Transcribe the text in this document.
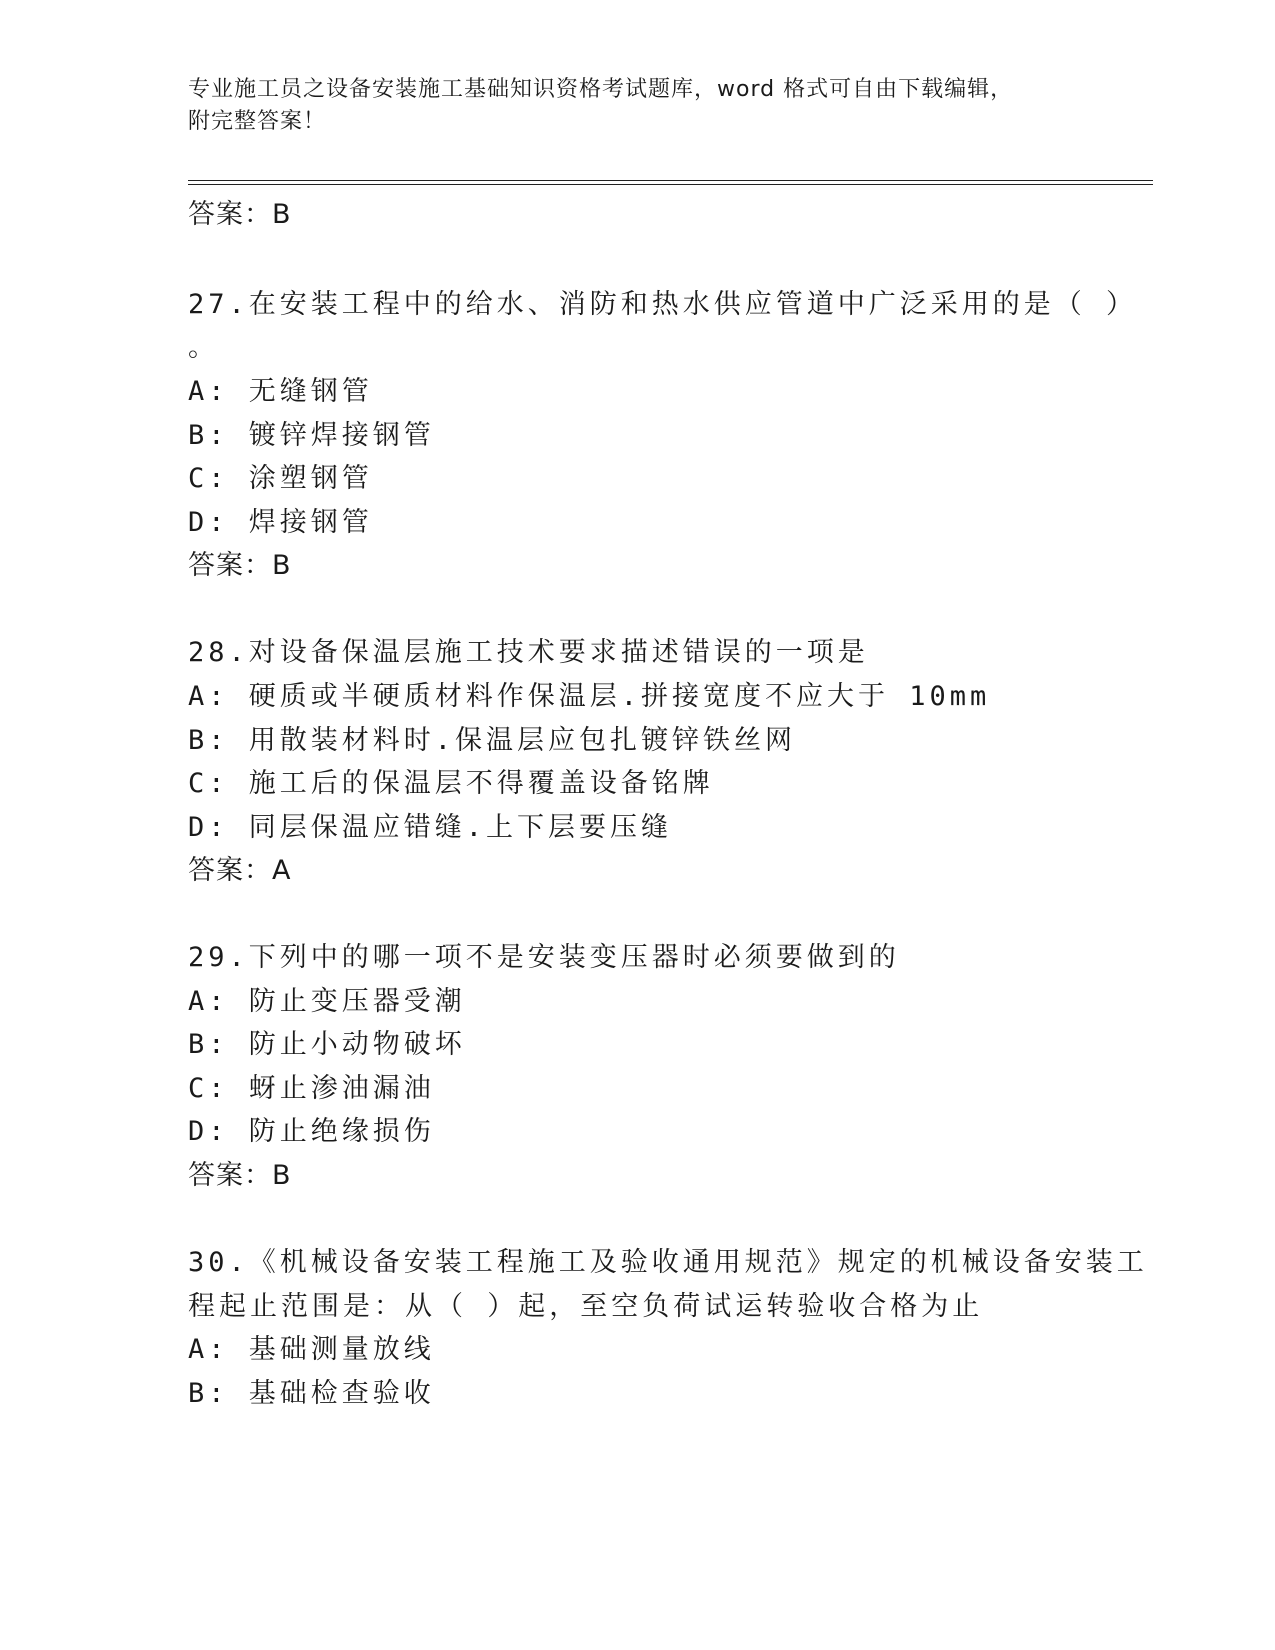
专业施工员之设备安装施工基础知识资格考试题库，word 格式可自由下载编辑，
附完整答案！
答案：B
27.在安装工程中的给水、消防和热水供应管道中广泛采用的是（ ）
。
A: 无缝钢管
B: 镀锌焊接钢管
C: 涂塑钢管
D: 焊接钢管
答案：B
28.对设备保温层施工技术要求描述错误的一项是
A: 硬质或半硬质材料作保温层.拼接宽度不应大于 10mm
B: 用散装材料时.保温层应包扎镀锌铁丝网
C: 施工后的保温层不得覆盖设备铭牌
D: 同层保温应错缝.上下层要压缝
答案：A
29.下列中的哪一项不是安装变压器时必须要做到的
A: 防止变压器受潮
B: 防止小动物破坏
C: 蚜止渗油漏油
D: 防止绝缘损伤
答案：B
30.《机械设备安装工程施工及验收通用规范》规定的机械设备安装工
程起止范围是：从（ ）起，至空负荷试运转验收合格为止
A: 基础测量放线
B: 基础检查验收
